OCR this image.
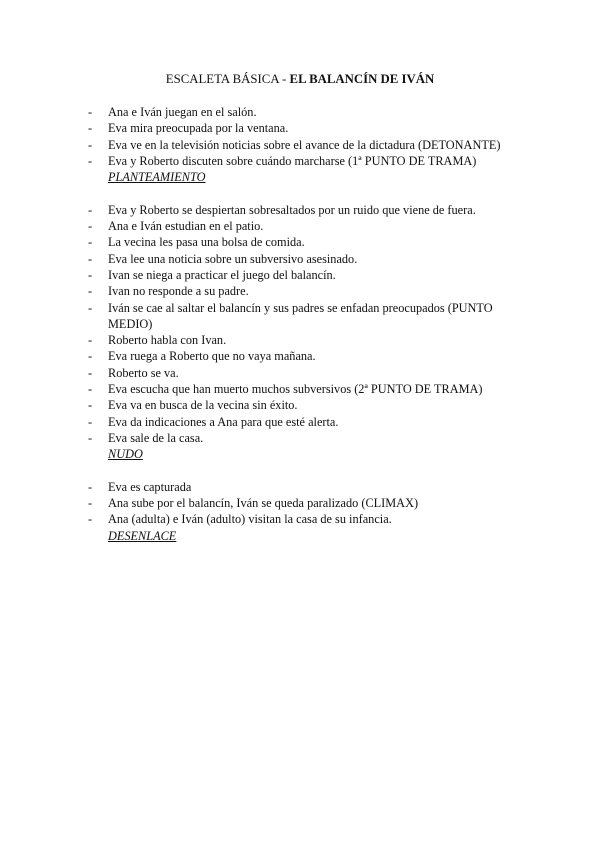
ESCALETA BÁSICA - EL BALANCÍN DE IVÁN
- Ana e Iván juegan en el salón.
- Eva mira preocupada por la ventana.
- Eva ve en la televisión noticias sobre el avance de la dictadura (DETONANTE)
- Eva y Roberto discuten sobre cuándo marcharse (1ª PUNTO DE TRAMA)
PLANTEAMIENTO
- Eva y Roberto se despiertan sobresaltados por un ruido que viene de fuera.
- Ana e Iván estudian en el patio.
- La vecina les pasa una bolsa de comida.
- Eva lee una noticia sobre un subversivo asesinado.
- Ivan se niega a practicar el juego del balancín.
- Ivan no responde a su padre.
- Iván se cae al saltar el balancín y sus padres se enfadan preocupados (PUNTO MEDIO)
- Roberto habla con Ivan.
- Eva ruega a Roberto que no vaya mañana.
- Roberto se va.
- Eva escucha que han muerto muchos subversivos (2ª PUNTO DE TRAMA)
- Eva va en busca de la vecina sin éxito.
- Eva da indicaciones a Ana para que esté alerta.
- Eva sale de la casa.
NUDO
- Eva es capturada
- Ana sube por el balancín, Iván se queda paralizado (CLIMAX)
- Ana (adulta) e Iván (adulto) visitan la casa de su infancia.
DESENLACE
